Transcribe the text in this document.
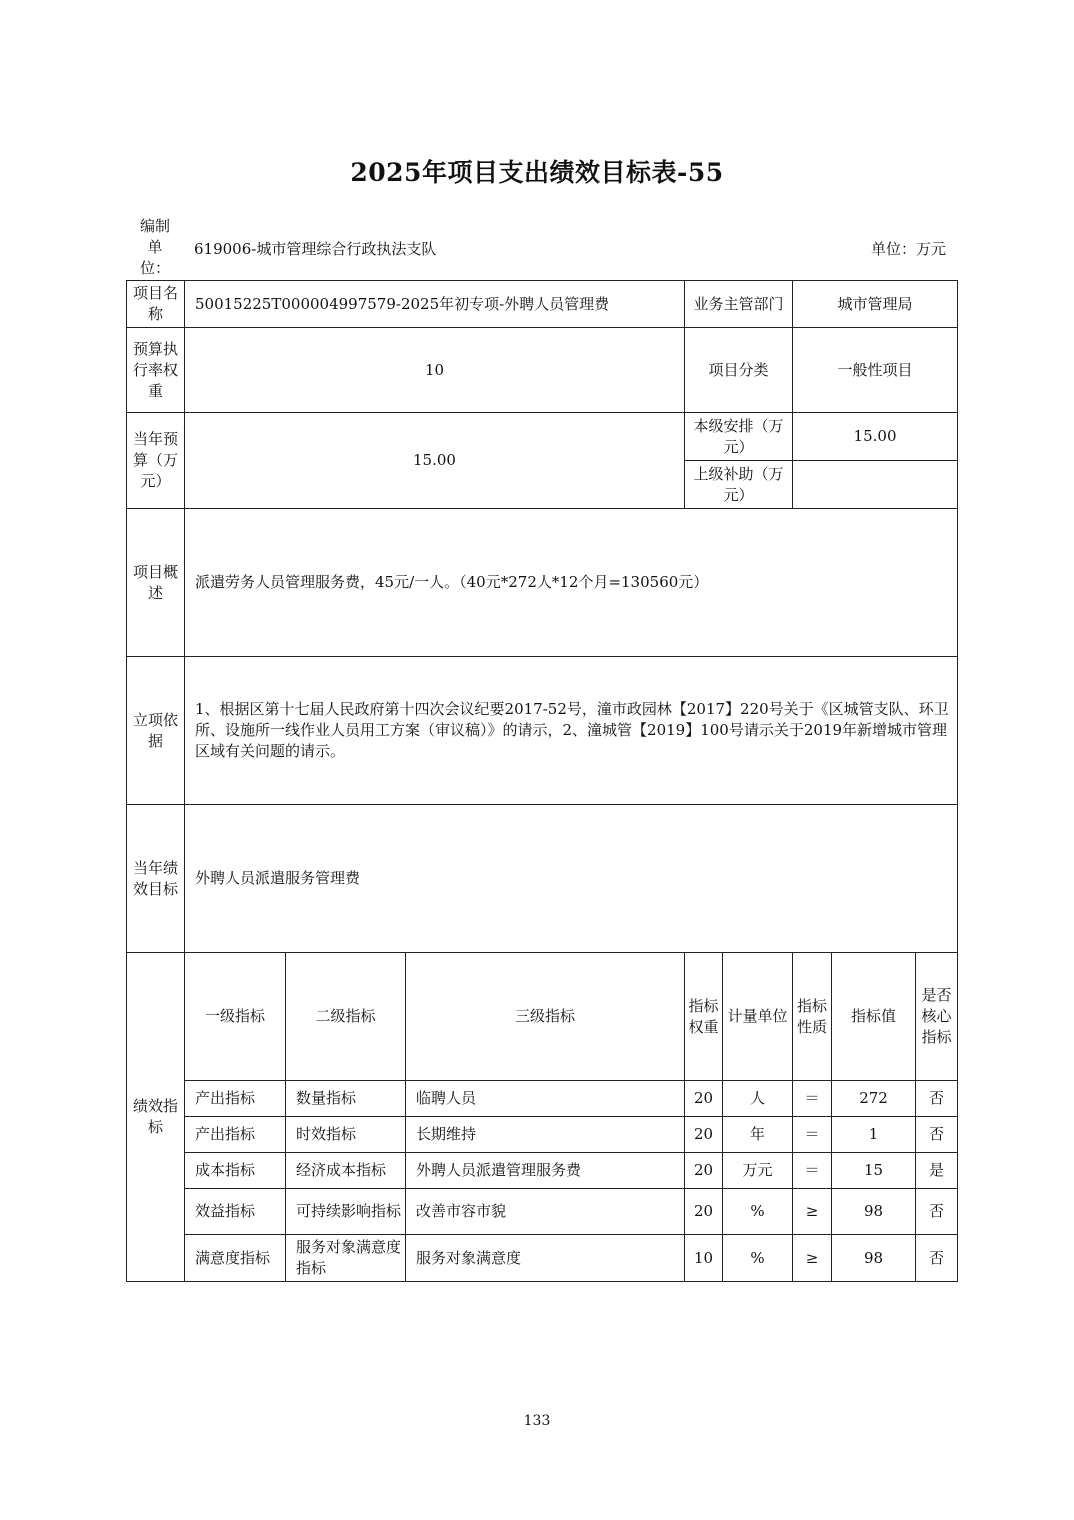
2025年项目支出绩效目标表-55
编制
单
位：
619006-城市管理综合行政执法支队	单位：万元
项目名称	50015225T000004997579-2025年初专项-外聘人员管理费			业务主管部门		城市管理局		
预算执行率权重	10			项目分类		一般性项目		
当年预算（万元）	15.00			本级安排（万元）		15.00		
				上级补助（万元）				
项目概述	派遣劳务人员管理服务费，45元/一人。（40元*272人*12个月=130560元）							
立项依据	1、根据区第十七届人民政府第十四次会议纪要2017-52号，潼市政园林【2017】220号关于《区城管支队、环卫所、设施所一线作业人员用工方案（审议稿）》的请示，2、潼城管【2019】100号请示关于2019年新增城市管理区域有关问题的请示。							
当年绩效目标	外聘人员派遣服务管理费							
绩效指标	一级指标	二级指标	三级指标	指标权重	计量单位	指标性质	指标值	是否核心指标
	产出指标	数量指标	临聘人员	20	人	＝	272	否
	产出指标	时效指标	长期维持	20	年	＝	1	否
	成本指标	经济成本指标	外聘人员派遣管理服务费	20	万元	＝	15	是
	效益指标	可持续影响指标	改善市容市貌	20	%	≥	98	否
	满意度指标	服务对象满意度指标	服务对象满意度	10	%	≥	98	否
133
